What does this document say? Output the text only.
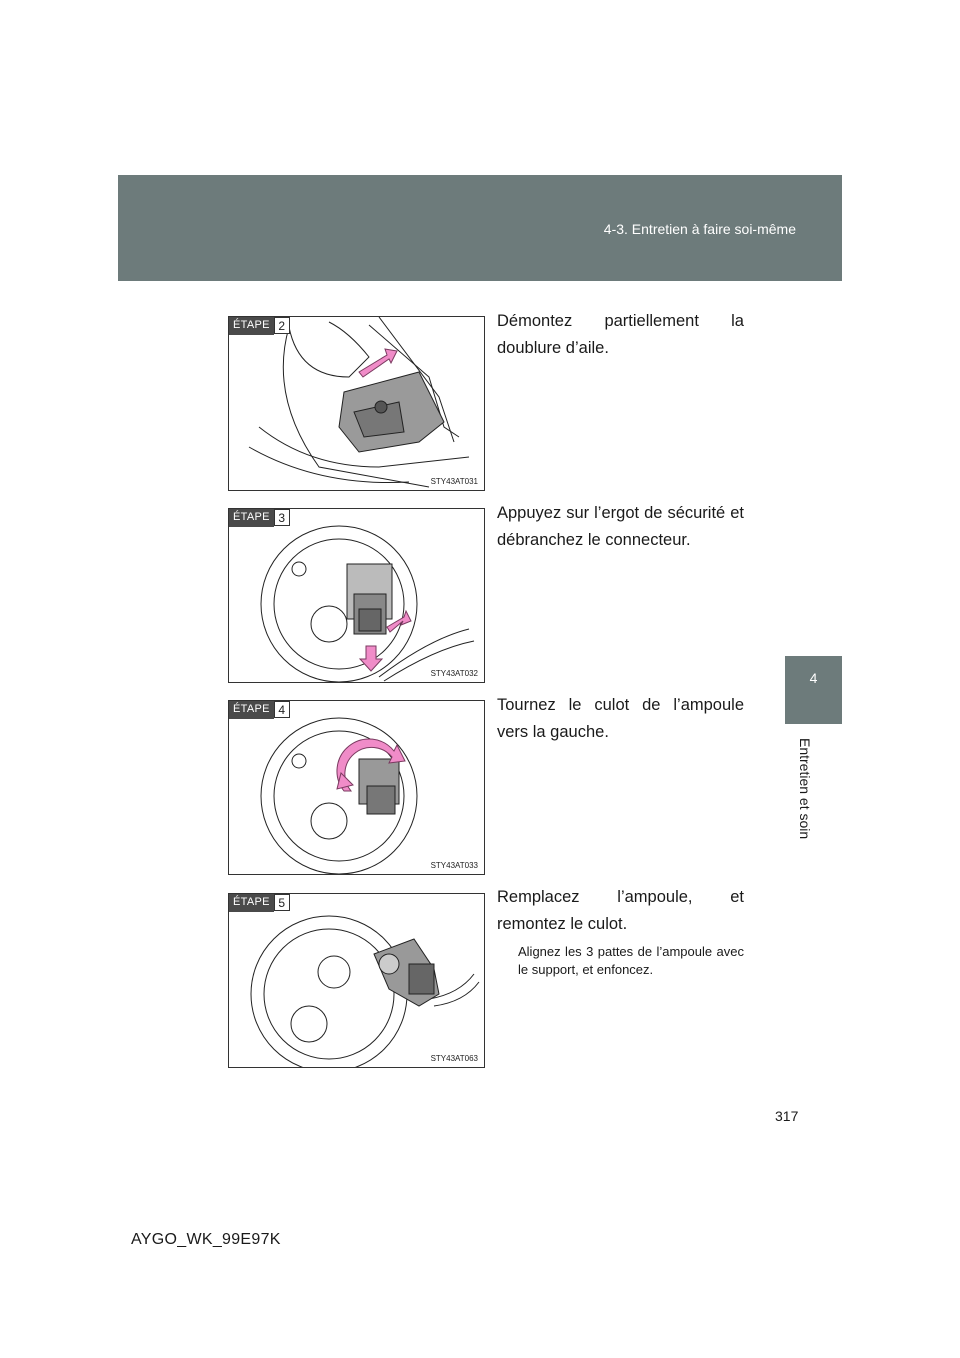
4-3. Entretien à faire soi-même
4
Entretien et soin
ÉTAPE 2
STY43AT031
Démontez partiellement la doublure d’aile.
ÉTAPE 3
STY43AT032
Appuyez sur l’ergot de sécurité et débranchez le connecteur.
ÉTAPE 4
STY43AT033
Tournez le culot de l’ampoule vers la gauche.
ÉTAPE 5
STY43AT063
Remplacez l’ampoule, et remontez le culot.
Alignez les 3 pattes de l’ampoule avec le support, et enfoncez.
317
AYGO_WK_99E97K
